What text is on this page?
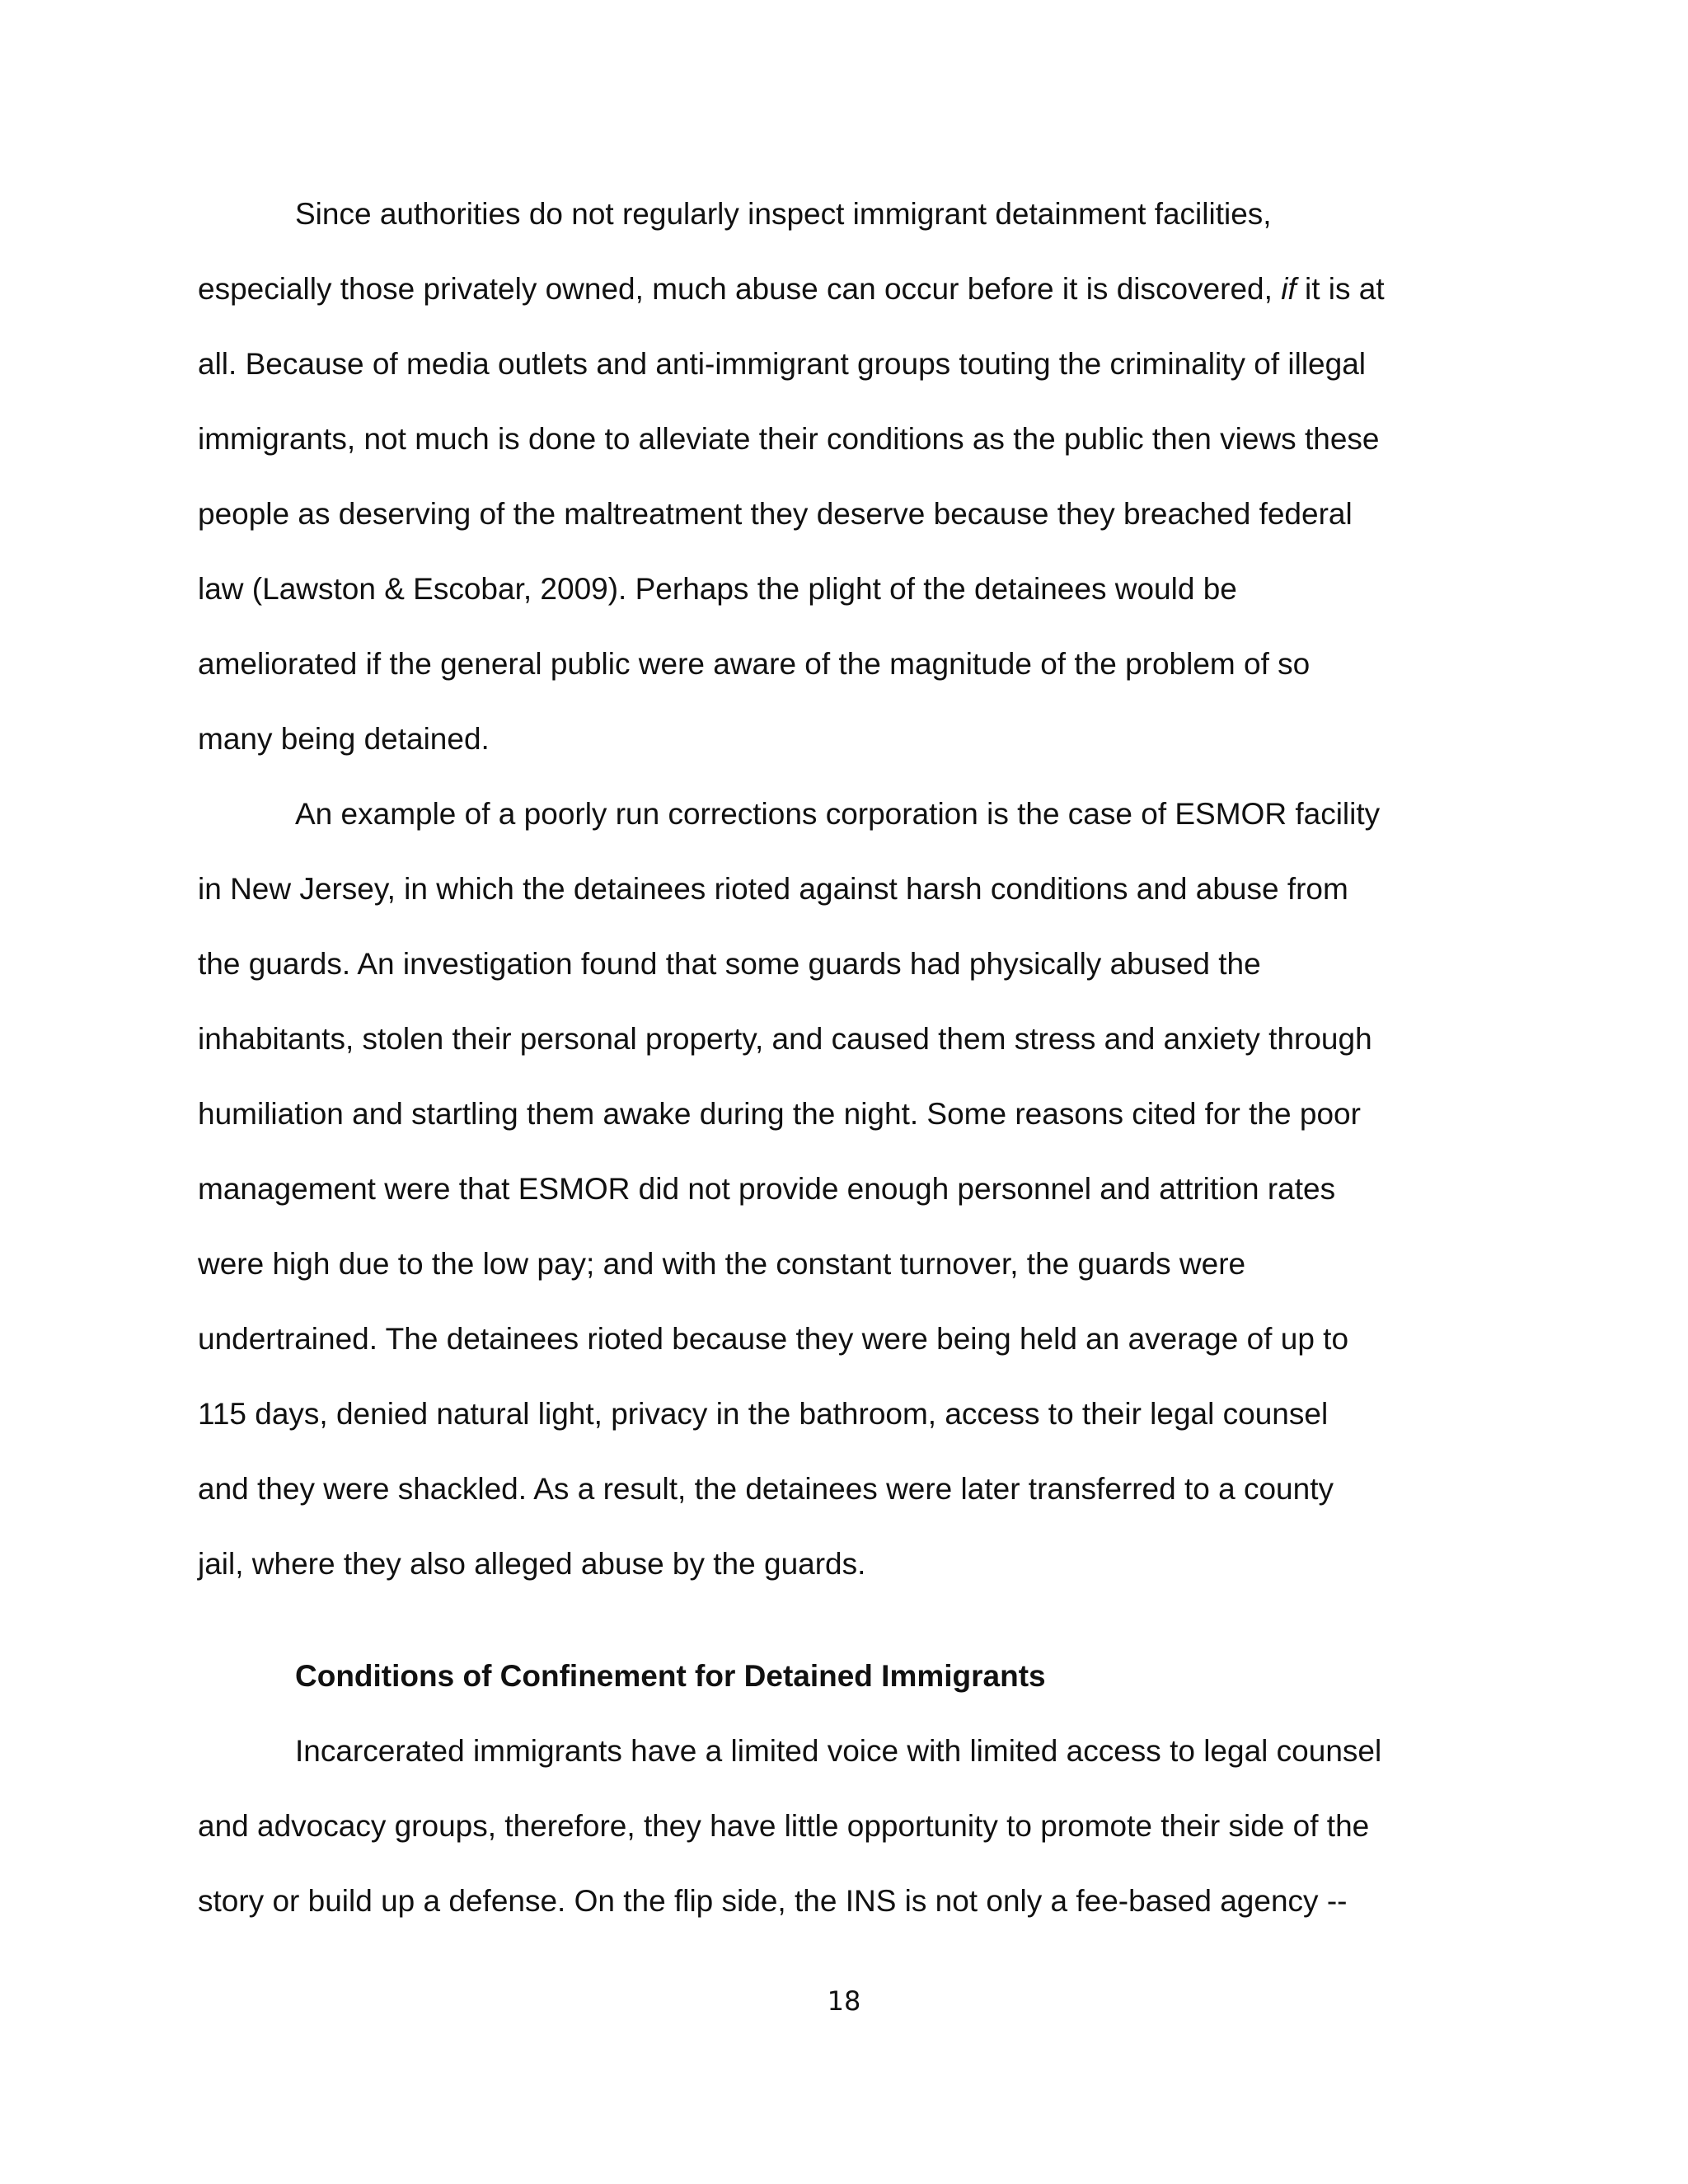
Since authorities do not regularly inspect immigrant detainment facilities,
especially those privately owned, much abuse can occur before it is discovered, if it is at
all. Because of media outlets and anti-immigrant groups touting the criminality of illegal
immigrants, not much is done to alleviate their conditions as the public then views these
people as deserving of the maltreatment they deserve because they breached federal
law (Lawston & Escobar, 2009). Perhaps the plight of the detainees would be
ameliorated if the general public were aware of the magnitude of the problem of so
many being detained.
An example of a poorly run corrections corporation is the case of ESMOR facility
in New Jersey, in which the detainees rioted against harsh conditions and abuse from
the guards. An investigation found that some guards had physically abused the
inhabitants, stolen their personal property, and caused them stress and anxiety through
humiliation and startling them awake during the night. Some reasons cited for the poor
management were that ESMOR did not provide enough personnel and attrition rates
were high due to the low pay; and with the constant turnover, the guards were
undertrained. The detainees rioted because they were being held an average of up to
115 days, denied natural light, privacy in the bathroom, access to their legal counsel
and they were shackled. As a result, the detainees were later transferred to a county
jail, where they also alleged abuse by the guards.
Conditions of Confinement for Detained Immigrants
Incarcerated immigrants have a limited voice with limited access to legal counsel
and advocacy groups, therefore, they have little opportunity to promote their side of the
story or build up a defense. On the flip side, the INS is not only a fee-based agency --
18
